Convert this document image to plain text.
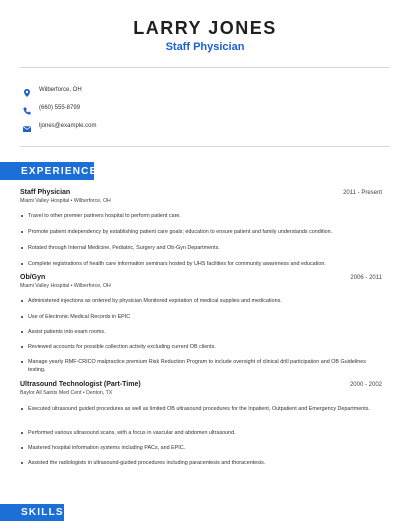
LARRY JONES
Staff Physician
Wilberforce, OH
(660) 555-8799
ljones@example.com
EXPERIENCE
Staff Physician	2011 - Present
Miami Valley Hospital • Wilberforce, OH
Travel to other premier partners hospital to perform patient care.
Promote patient independency by establishing patient care goals; education to ensure patient and family understands condition.
Rotated through Internal Medicine, Pediatric, Surgery and Ob-Gyn Departments.
Complete registrations of health care information seminars hosted by UHS facilities for community awareness and education.
Ob/Gyn	2006 - 2011
Miami Valley Hospital • Wilberforce, OH
Administered injections as ordered by physician Monitored expiration of medical supplies and medications.
Use of Electronic Medical Records in EPIC
Assist patients into exam rooms.
Reviewed accounts for possible collection activity excluding current OB clients.
Manage yearly RMF-CRICO malpractice premium Risk Reduction Program to include oversight of clinical drill participation and OB Guidelines testing.
Ultrasound Technologist (Part-Time)	2000 - 2002
Baylor All Saints Med Cent • Denton, TX
Executed ultrasound guided procedures as well as limited OB ultrasound procedures for the Inpatient, Outpatient and Emergency Departments.
Performed various ultrasound scans, with a focus in vascular and abdomen ultrasound.
Mastered hospital information systems including PACs, and EPIC.
Assisted the radiologists in ultrasound-guided procedures including paracentesis and thoracentesis.
SKILLS
